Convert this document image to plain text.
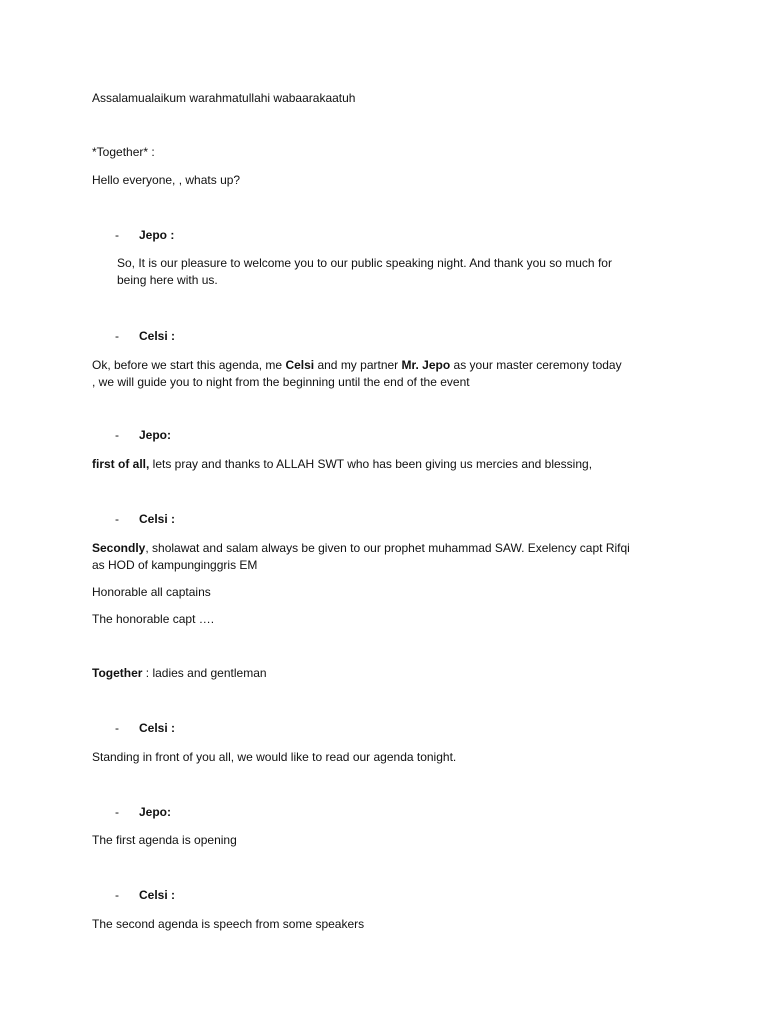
Assalamualaikum warahmatullahi wabaarakaatuh

*Together* :

Hello everyone, , whats up?

- Jepo :

So, It is our pleasure to welcome you to our public speaking night. And thank you so much for

being here with us.

- Celsi :

Ok, before we start this agenda, me Celsi and my partner Mr. Jepo as your master ceremony today

, we will guide you to night from the beginning until the end of the event

- Jepo:

first of all, lets pray and thanks to ALLAH SWT who has been giving us mercies and blessing,

- Celsi :

Secondly, sholawat and salam always be given to our prophet muhammad SAW. Exelency capt Rifqi

as HOD of kampunginggris EM

Honorable all captains

The honorable capt ….

Together : ladies and gentleman

- Celsi :

Standing in front of you all, we would like to read our agenda tonight.

- Jepo:

The first agenda is opening

- Celsi :

The second agenda is speech from some speakers
